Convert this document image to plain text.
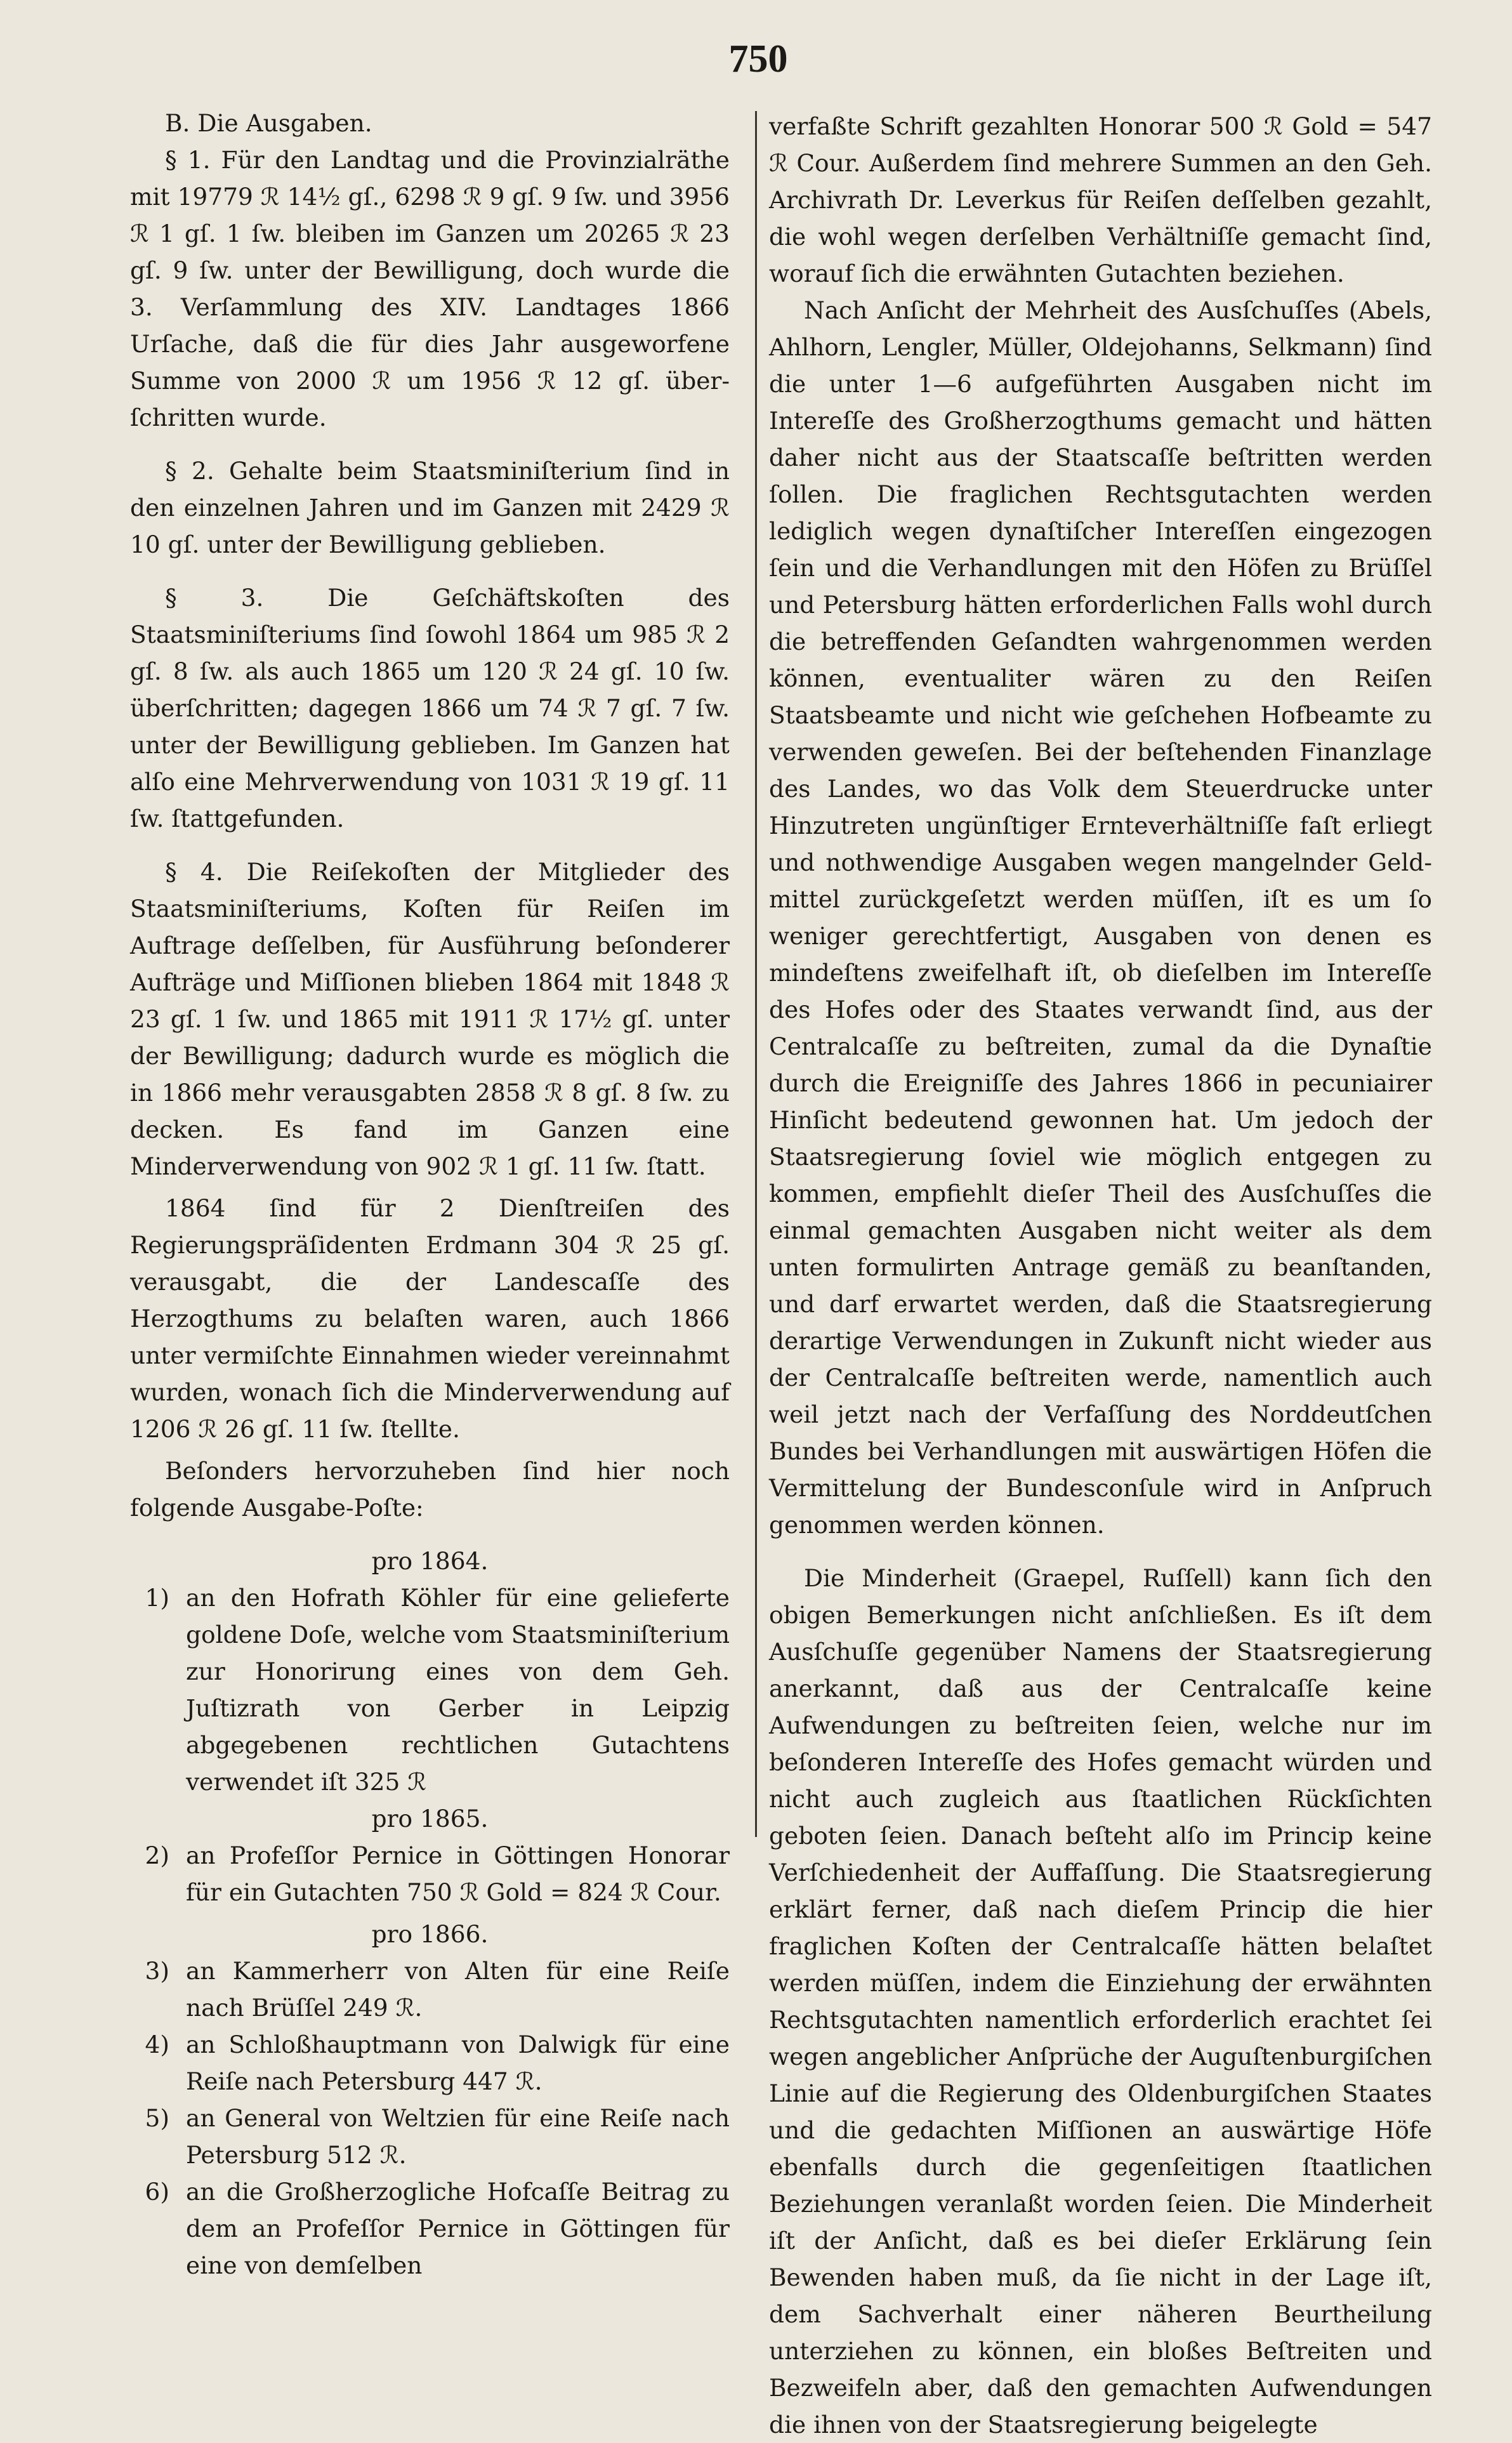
750

B. Die Ausgaben.

§ 1. Für den Landtag und die Provinzialräthe mit 19779 ℛ 14½ gſ., 6298 ℛ 9 gſ. 9 ſw. und 3956 ℛ 1 gſ. 1 ſw. bleiben im Ganzen um 20265 ℛ 23 gſ. 9 ſw. unter der Bewilligung, doch wurde die 3. Verſammlung des XIV. Landtages 1866 Urſache, daß die für dies Jahr ausgeworfene Summe von 2000 ℛ um 1956 ℛ 12 gſ. überſchritten wurde.

§ 2. Gehalte beim Staatsminiſterium ſind in den einzelnen Jahren und im Ganzen mit 2429 ℛ 10 gſ. unter der Bewilligung geblieben.

§ 3. Die Geſchäftskoſten des Staatsminiſteriums ſind ſowohl 1864 um 985 ℛ 2 gſ. 8 ſw. als auch 1865 um 120 ℛ 24 gſ. 10 ſw. überſchritten; dagegen 1866 um 74 ℛ 7 gſ. 7 ſw. unter der Bewilligung geblieben. Im Ganzen hat alſo eine Mehrverwendung von 1031 ℛ 19 gſ. 11 ſw. ſtattgefunden.

§ 4. Die Reiſekoſten der Mitglieder des Staatsminiſteriums, Koſten für Reiſen im Auftrage deſſelben, für Ausführung beſonderer Aufträge und Miſſionen blieben 1864 mit 1848 ℛ 23 gſ. 1 ſw. und 1865 mit 1911 ℛ 17½ gſ. unter der Bewilligung; dadurch wurde es möglich die in 1866 mehr verausgabten 2858 ℛ 8 gſ. 8 ſw. zu decken. Es fand im Ganzen eine Minderverwendung von 902 ℛ 1 gſ. 11 ſw. ſtatt.

1864 ſind für 2 Dienſtreiſen des Regierungspräſidenten Erdmann 304 ℛ 25 gſ. verausgabt, die der Landescaſſe des Herzogthums zu belaſten waren, auch 1866 unter vermiſchte Einnahmen wieder vereinnahmt wurden, wonach ſich die Minderverwendung auf 1206 ℛ 26 gſ. 11 ſw. ſtellte.

Beſonders hervorzuheben ſind hier noch folgende Ausgabe-Poſte:

pro 1864.

1) an den Hofrath Köhler für eine gelieferte goldene Doſe, welche vom Staatsminiſterium zur Honorirung eines von dem Geh. Juſtizrath von Gerber in Leipzig abgegebenen rechtlichen Gutachtens verwendet iſt 325 ℛ

pro 1865.

2) an Profeſſor Pernice in Göttingen Honorar für ein Gutachten 750 ℛ Gold = 824 ℛ Cour.

pro 1866.

3) an Kammerherr von Alten für eine Reiſe nach Brüſſel 249 ℛ.
4) an Schloßhauptmann von Dalwigk für eine Reiſe nach Petersburg 447 ℛ.
5) an General von Weltzien für eine Reiſe nach Petersburg 512 ℛ.
6) an die Großherzogliche Hofcaſſe Beitrag zu dem an Profeſſor Pernice in Göttingen für eine von demſelben

verfaßte Schrift gezahlten Honorar 500 ℛ Gold = 547 ℛ Cour. Außerdem ſind mehrere Summen an den Geh. Archivrath Dr. Leverkus für Reiſen deſſelben gezahlt, die wohl wegen derſelben Verhältniſſe gemacht ſind, worauf ſich die erwähnten Gutachten beziehen.

Nach Anſicht der Mehrheit des Ausſchuſſes (Abels, Ahlhorn, Lengler, Müller, Oldejohanns, Selkmann) ſind die unter 1—6 aufgeführten Ausgaben nicht im Intereſſe des Großherzogthums gemacht und hätten daher nicht aus der Staatscaſſe beſtritten werden ſollen. Die fraglichen Rechtsgutachten werden lediglich wegen dynaſtiſcher Intereſſen eingezogen ſein und die Verhandlungen mit den Höfen zu Brüſſel und Petersburg hätten erforderlichen Falls wohl durch die betreffenden Geſandten wahrgenommen werden können, eventualiter wären zu den Reiſen Staatsbeamte und nicht wie geſchehen Hofbeamte zu verwenden geweſen. Bei der beſtehenden Finanzlage des Landes, wo das Volk dem Steuerdrucke unter Hinzutreten ungünſtiger Ernteverhältniſſe faſt erliegt und nothwendige Ausgaben wegen mangelnder Geldmittel zurückgeſetzt werden müſſen, iſt es um ſo weniger gerechtfertigt, Ausgaben von denen es mindeſtens zweifelhaft iſt, ob dieſelben im Intereſſe des Hofes oder des Staates verwandt ſind, aus der Centralcaſſe zu beſtreiten, zumal da die Dynaſtie durch die Ereigniſſe des Jahres 1866 in pecuniairer Hinſicht bedeutend gewonnen hat. Um jedoch der Staatsregierung ſoviel wie möglich entgegen zu kommen, empfiehlt dieſer Theil des Ausſchuſſes die einmal gemachten Ausgaben nicht weiter als dem unten formulirten Antrage gemäß zu beanſtanden, und darf erwartet werden, daß die Staatsregierung derartige Verwendungen in Zukunft nicht wieder aus der Centralcaſſe beſtreiten werde, namentlich auch weil jetzt nach der Verfaſſung des Norddeutſchen Bundes bei Verhandlungen mit auswärtigen Höfen die Vermittelung der Bundesconſule wird in Anſpruch genommen werden können.

Die Minderheit (Graepel, Ruſſell) kann ſich den obigen Bemerkungen nicht anſchließen. Es iſt dem Ausſchuſſe gegenüber Namens der Staatsregierung anerkannt, daß aus der Centralcaſſe keine Aufwendungen zu beſtreiten ſeien, welche nur im beſonderen Intereſſe des Hofes gemacht würden und nicht auch zugleich aus ſtaatlichen Rückſichten geboten ſeien. Danach beſteht alſo im Princip keine Verſchiedenheit der Auffaſſung. Die Staatsregierung erklärt ferner, daß nach dieſem Princip die hier fraglichen Koſten der Centralcaſſe hätten belaſtet werden müſſen, indem die Einziehung der erwähnten Rechtsgutachten namentlich erforderlich erachtet ſei wegen angeblicher Anſprüche der Auguſtenburgiſchen Linie auf die Regierung des Oldenburgiſchen Staates und die gedachten Miſſionen an auswärtige Höfe ebenfalls durch die gegenſeitigen ſtaatlichen Beziehungen veranlaßt worden ſeien. Die Minderheit iſt der Anſicht, daß es bei dieſer Erklärung ſein Bewenden haben muß, da ſie nicht in der Lage iſt, dem Sachverhalt einer näheren Beurtheilung unterziehen zu können, ein bloßes Beſtreiten und Bezweifeln aber, daß den gemachten Aufwendungen die ihnen von der Staatsregierung beigelegte
